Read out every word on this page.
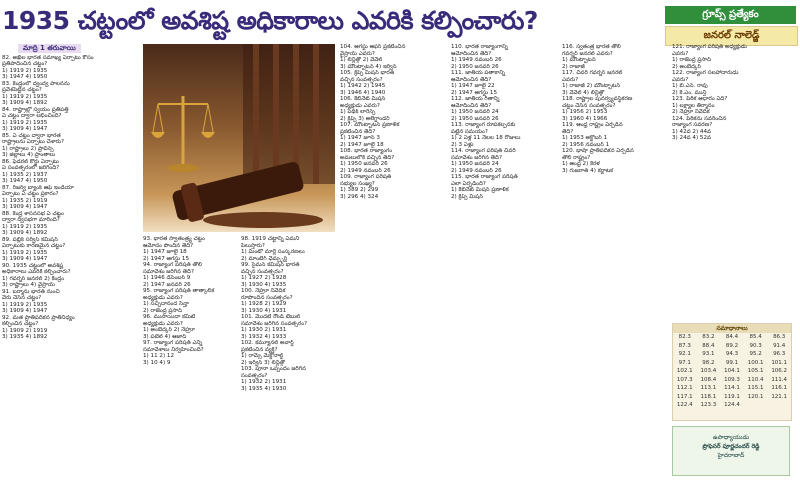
1935 చట్టంలో అవశిష్ట అధికారాలు ఎవరికి కల్పించారు?	గ్రూప్స్ ప్రత్యేకం
జనరల్ నాలెడ్జ్
మాద్రి 1 తరువాయి

82. అఖిల భారత సమాఖ్య ఏర్పాటు కోసం

ప్రతిపాదించిన చట్టం?

1) 1919 2) 1935

3) 1947 4) 1950

83. కేంద్రంలో ద్వంద్వ పాలనను

ప్రవేశపెట్టిన చట్టం?

1) 1919 2) 1935

3) 1909 4) 1892

84. రాష్ట్రాల్లో స్వయం ప్రతిపత్తి

ఏ చట్టం ద్వారా లభించింది?

1) 1919 2) 1935

3) 1909 4) 1947

85. ఏ చట్టం ద్వారా భారత

రాష్ట్రాలను ఏర్పాటు చేశారు?

1) రాష్ట్రాలు 2) ప్రావిన్స్

3) జిల్లాలు 4) ప్రాంతాలు

86. ఫెడరల్ కోర్టు ఏర్పాటు

ఏ సంవత్సరంలో జరిగింది?

1) 1935 2) 1937

3) 1947 4) 1950

87. రిజర్వ్ బ్యాంక్ ఆఫ్ ఇండియా

ఏర్పాటు ఏ చట్టం ప్రకారం?

1) 1935 2) 1919

3) 1909 4) 1947

88. కేంద్ర శాసనసభ ఏ చట్టం

ద్వారా ద్విసభగా మారింది?

1) 1919 2) 1935

3) 1909 4) 1892

89. పబ్లిక్ సర్వీస్ కమిషన్

ఏర్పాటుకు కారణమైన చట్టం?

1) 1919 2) 1935

3) 1909 4) 1947

90. 1935 చట్టంలో అవశిష్ట

అధికారాలు ఎవరికి కల్పించారు?

1) గవర్నర్ జనరల్ 2) కేంద్రం

3) రాష్ట్రాలు 4) వైస్రాయ్

91. బర్మాను భారత్ నుంచి

వేరు చేసిన చట్టం?

1) 1919 2) 1935

3) 1909 4) 1947

92. మత ప్రాతిపదికన ప్రాతినిధ్యం

కల్పించిన చట్టం?

1) 1909 2) 1919

3) 1935 4) 1892

93. భారత స్వాతంత్ర్య చట్టం

ఆమోదం పొందిన తేదీ?

1) 1947 జూలై 18

2) 1947 ఆగస్టు 15

94. రాజ్యాంగ పరిషత్ తొలి

సమావేశం జరిగిన తేదీ?

1) 1946 డిసెంబర్ 9

2) 1947 జనవరి 26

95. రాజ్యాంగ పరిషత్ తాత్కాలిక

అధ్యక్షుడు ఎవరు?

1) సచ్చిదానంద సిన్హా

2) రాజేంద్ర ప్రసాద్

96. ముసాయిదా కమిటీ

అధ్యక్షుడు ఎవరు?

1) అంబేద్కర్ 2) నెహ్రూ

3) పటేల్ 4) ఆజాద్

97. రాజ్యాంగ పరిషత్ ఎన్ని

సమావేశాలు నిర్వహించింది?

1) 11 2) 12

3) 10 4) 9

98. 1919 చట్టాన్ని ఏమని

పిలుస్తారు?

1) మింటో మార్లే సంస్కరణలు

2) మాంటేగ్ ఛేమ్స్ఫర్డ్

99. సైమన్ కమిషన్ భారత్

వచ్చిన సంవత్సరం?

1) 1927 2) 1928

3) 1930 4) 1935

100. నెహ్రూ నివేదిక

రూపొందిన సంవత్సరం?

1) 1928 2) 1929

3) 1930 4) 1931

101. మొదటి రౌండ్ టేబుల్

సమావేశం జరిగిన సంవత్సరం?

1) 1930 2) 1931

3) 1932 4) 1933

102. కమ్యూనల్ అవార్డ్

ప్రకటించిన వ్యక్తి?

1) రామ్సే మెక్డొనాల్డ్

2) ఇర్విన్ 3) లిన్లిత్గో

103. పూనా ఒప్పందం జరిగిన

సంవత్సరం?

1) 1932 2) 1931

3) 1935 4) 1930

104. ఆగస్టు ఆఫర్ ప్రకటించిన

వైస్రాయ్ ఎవరు?

1) లిన్లిత్గో 2) వేవెల్

3) మౌంట్బాటన్ 4) ఇర్విన్

105. క్రిప్స్ మిషన్ భారత్

వచ్చిన సంవత్సరం?

1) 1942 2) 1945

3) 1946 4) 1940

106. కేబినెట్ మిషన్

అధ్యక్షుడు ఎవరు?

1) పెథిక్ లారెన్స్

2) క్రిప్స్ 3) అలెగ్జాండర్

107. మౌంట్బాటన్ ప్రణాళిక

ప్రకటించిన తేదీ?

1) 1947 జూన్ 3

2) 1947 జూలై 18

108. భారత రాజ్యాంగం

అమలులోకి వచ్చిన తేదీ?

1) 1950 జనవరి 26

2) 1949 నవంబర్ 26

109. రాజ్యాంగ పరిషత్

సభ్యుల సంఖ్య?

1) 389 2) 299

3) 296 4) 324

110. భారత రాజ్యాంగాన్ని

ఆమోదించిన తేదీ?

1) 1949 నవంబర్ 26

2) 1950 జనవరి 26

111. జాతీయ పతాకాన్ని

ఆమోదించిన తేదీ?

1) 1947 జూలై 22

2) 1947 ఆగస్టు 15

112. జాతీయ గీతాన్ని

ఆమోదించిన తేదీ?

1) 1950 జనవరి 24

2) 1950 జనవరి 26

113. రాజ్యాంగ రూపకల్పనకు

పట్టిన సమయం?

1) 2 ఏళ్ల 11 నెలల 18 రోజులు

2) 3 ఏళ్లు

114. రాజ్యాంగ పరిషత్ చివరి

సమావేశం జరిగిన తేదీ?

1) 1950 జనవరి 24

2) 1949 నవంబర్ 26

115. భారత రాజ్యాంగ పరిషత్

ఎలా ఏర్పడింది?

1) కేబినెట్ మిషన్ ప్రణాళిక

2) క్రిప్స్ మిషన్

116. స్వతంత్ర భారత తొలి

గవర్నర్ జనరల్ ఎవరు?

1) మౌంట్బాటన్

2) రాజాజీ

117. చివరి గవర్నర్ జనరల్

ఎవరు?

1) రాజాజీ 2) మౌంట్బాటన్

3) వేవెల్ 4) లిన్లిత్గో

118. రాష్ట్రాల పునర్వ్యవస్థీకరణ

చట్టం చేసిన సంవత్సరం?

1) 1956 2) 1953

3) 1960 4) 1966

119. ఆంధ్ర రాష్ట్రం ఏర్పడిన

తేదీ?

1) 1953 అక్టోబర్ 1

2) 1956 నవంబర్ 1

120. భాషా ప్రాతిపదికన ఏర్పడిన

తొలి రాష్ట్రం?

1) ఆంధ్ర 2) కేరళ

3) గుజరాత్ 4) కర్ణాటక

121. రాజ్యాంగ పరిషత్ అధ్యక్షుడు

ఎవరు?

1) రాజేంద్ర ప్రసాద్

2) అంబేద్కర్

122. రాజ్యాంగ సలహాదారుడు

ఎవరు?

1) బి.ఎన్. రావు

2) కె.ఎం. మున్షీ

123. పీఠిక ఆధారం ఏది?

1) లక్ష్యాల తీర్మానం

2) నెహ్రూ నివేదిక

124. పీఠికను సవరించిన

రాజ్యాంగ సవరణ?

1) 42వ 2) 44వ

3) 24వ 4) 52వ

సమాధానాలు
82.3	83.2	84.4	85.4	86.3
87.3	88.4	89.2	90.3	91.4
92.1	93.1	94.3	95.2	96.3
97.1	98.2	99.1	100.1	101.1
102.1	103.4	104.1	105.1	106.2
107.3	108.4	109.3	110.4	111.4
112.1	113.1	114.1	115.1	116.1
117.1	118.1	119.1	120.1	121.1
122.4	123.3	124.4		
ఉపాధ్యాయుడు
ప్రొఫెసర్ పూర్ణచందర్ రెడ్డి
హైదరాబాద్
